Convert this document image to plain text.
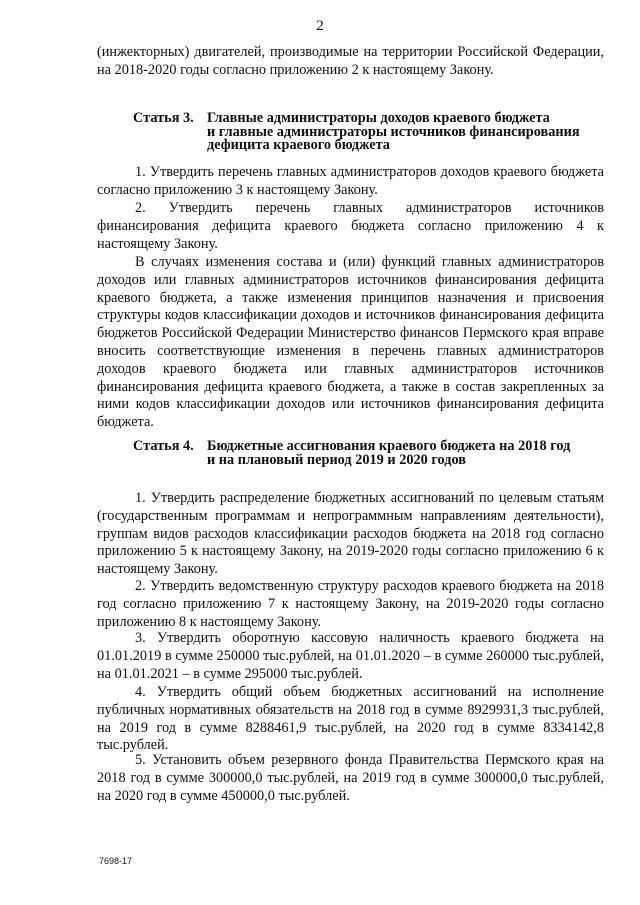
2
(инжекторных) двигателей, производимые на территории Российской Федерации, на 2018-2020 годы согласно приложению 2 к настоящему Закону.
Статья 3. Главные администраторы доходов краевого бюджета
и главные администраторы источников финансирования
дефицита краевого бюджета
1. Утвердить перечень главных администраторов доходов краевого бюджета согласно приложению 3 к настоящему Закону.
2. Утвердить перечень главных администраторов источников финансирования дефицита краевого бюджета согласно приложению 4 к настоящему Закону.
В случаях изменения состава и (или) функций главных администраторов доходов или главных администраторов источников финансирования дефицита краевого бюджета, а также изменения принципов назначения и присвоения структуры кодов классификации доходов и источников финансирования дефицита бюджетов Российской Федерации Министерство финансов Пермского края вправе вносить соответствующие изменения в перечень главных администраторов доходов краевого бюджета или главных администраторов источников финансирования дефицита краевого бюджета, а также в состав закрепленных за ними кодов классификации доходов или источников финансирования дефицита бюджета.
Статья 4. Бюджетные ассигнования краевого бюджета на 2018 год
и на плановый период 2019 и 2020 годов
1. Утвердить распределение бюджетных ассигнований по целевым статьям (государственным программам и непрограммным направлениям деятельности), группам видов расходов классификации расходов бюджета на 2018 год согласно приложению 5 к настоящему Закону, на 2019-2020 годы согласно приложению 6 к настоящему Закону.
2. Утвердить ведомственную структуру расходов краевого бюджета на 2018 год согласно приложению 7 к настоящему Закону, на 2019-2020 годы согласно приложению 8 к настоящему Закону.
3. Утвердить оборотную кассовую наличность краевого бюджета на 01.01.2019 в сумме 250000 тыс.рублей, на 01.01.2020 – в сумме 260000 тыс.рублей, на 01.01.2021 – в сумме 295000 тыс.рублей.
4. Утвердить общий объем бюджетных ассигнований на исполнение публичных нормативных обязательств на 2018 год в сумме 8929931,3 тыс.рублей, на 2019 год в сумме 8288461,9 тыс.рублей, на 2020 год в сумме 8334142,8 тыс.рублей.
5. Установить объем резервного фонда Правительства Пермского края на 2018 год в сумме 300000,0 тыс.рублей, на 2019 год в сумме 300000,0 тыс.рублей, на 2020 год в сумме 450000,0 тыс.рублей.
7698-17
